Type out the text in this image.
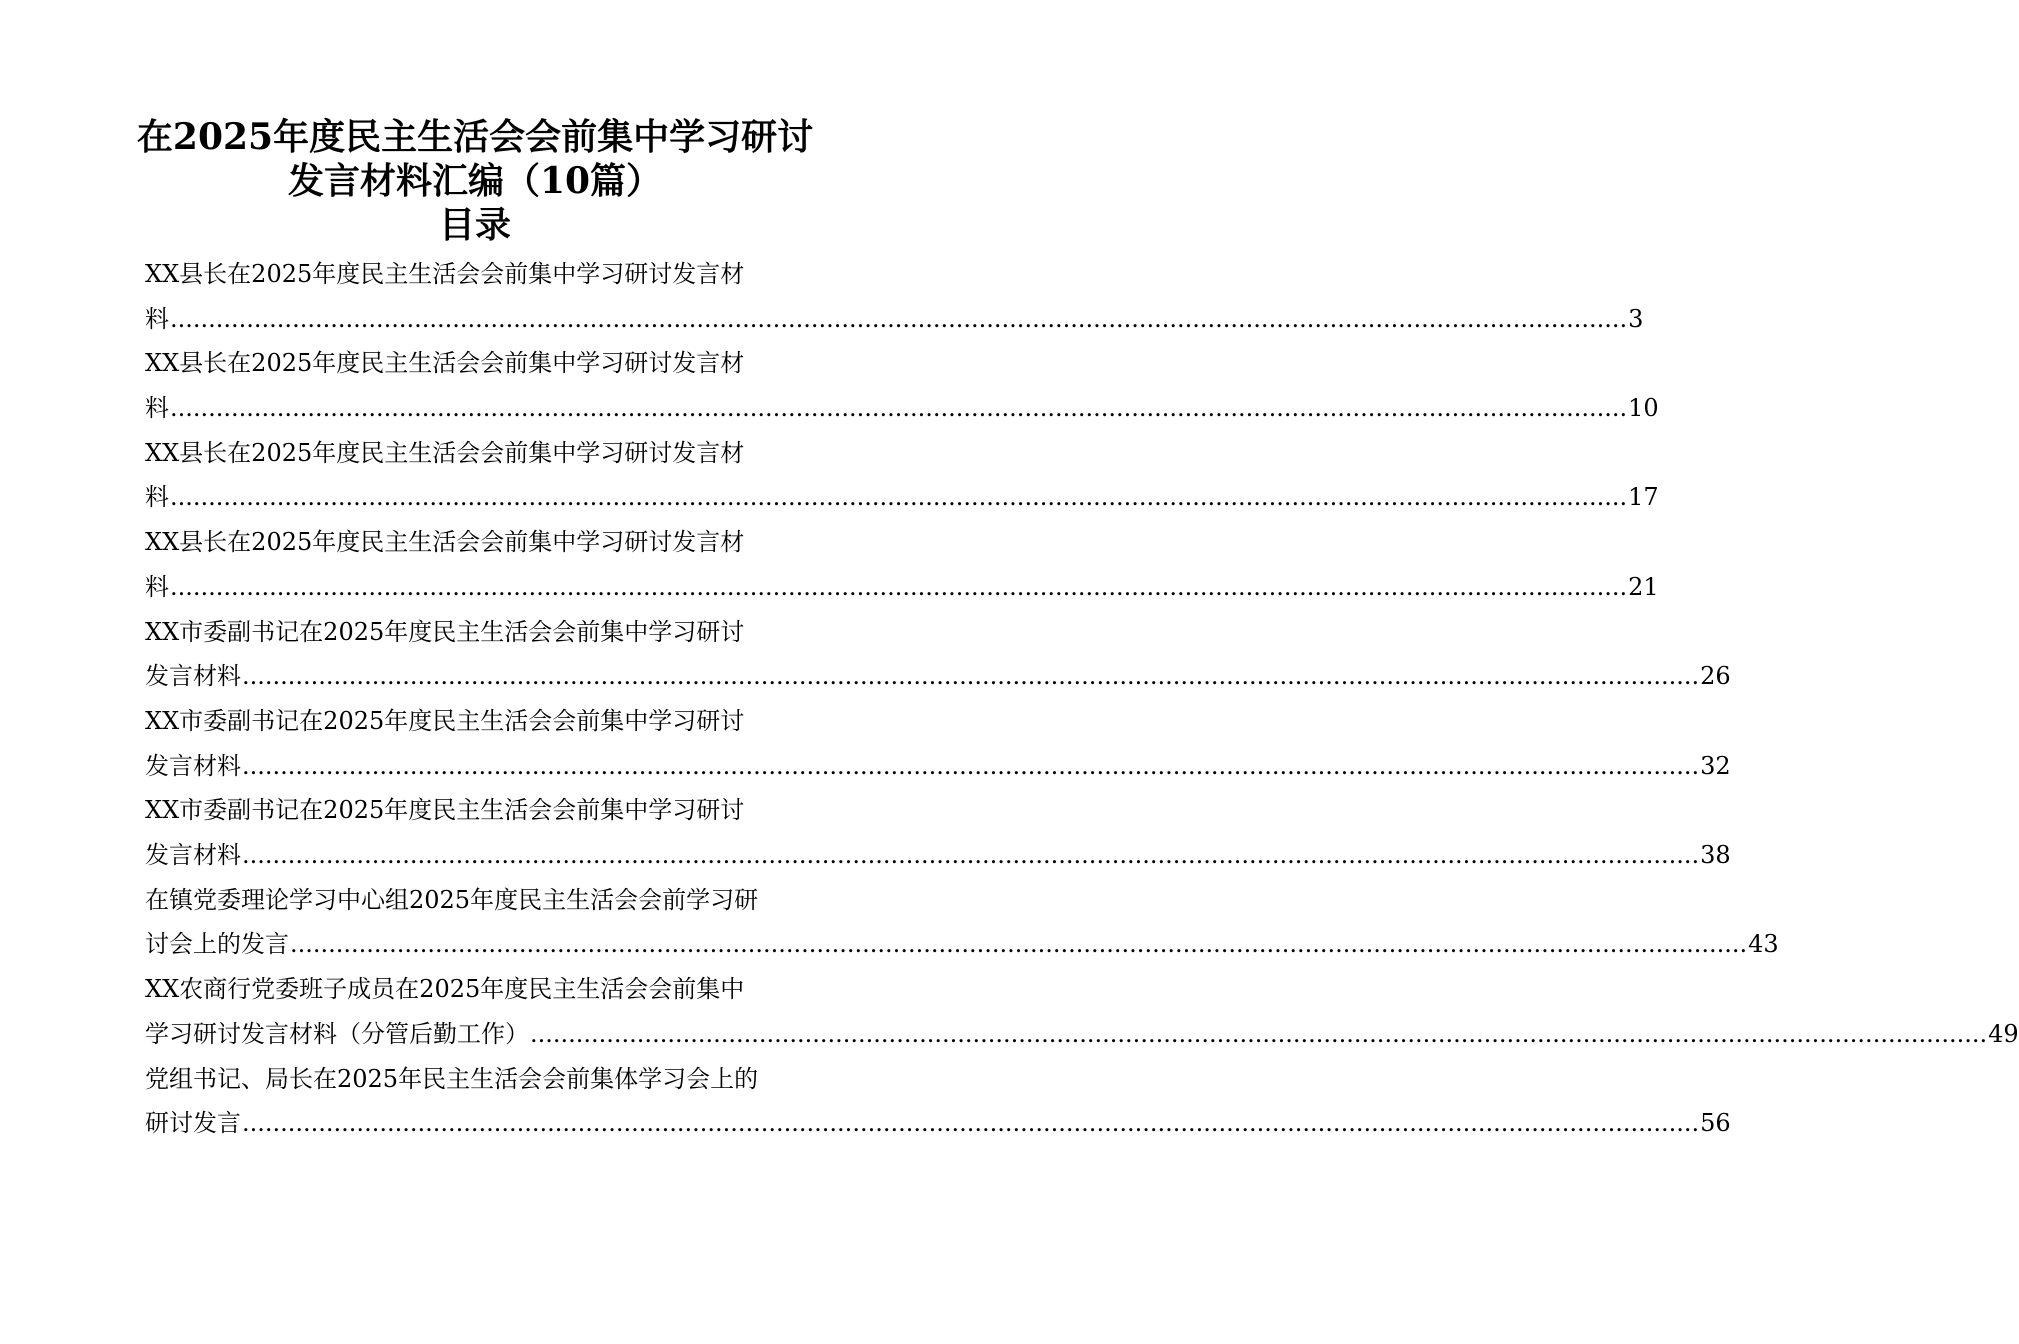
在2025年度民主生活会会前集中学习研讨
发言材料汇编（10篇）
目录
XX县长在2025年度民主生活会会前集中学习研讨发言材
料 ............................................................................................................................................................................................... 3
XX县长在2025年度民主生活会会前集中学习研讨发言材
料 ............................................................................................................................................................................................... 10
XX县长在2025年度民主生活会会前集中学习研讨发言材
料 ............................................................................................................................................................................................... 17
XX县长在2025年度民主生活会会前集中学习研讨发言材
料 ............................................................................................................................................................................................... 21
XX市委副书记在2025年度民主生活会会前集中学习研讨
发言材料 ............................................................................................................................................................................................... 26
XX市委副书记在2025年度民主生活会会前集中学习研讨
发言材料 ............................................................................................................................................................................................... 32
XX市委副书记在2025年度民主生活会会前集中学习研讨
发言材料 ............................................................................................................................................................................................... 38
在镇党委理论学习中心组2025年度民主生活会会前学习研
讨会上的发言 ............................................................................................................................................................................................... 43
XX农商行党委班子成员在2025年度民主生活会会前集中
学习研讨发言材料（分管后勤工作） ............................................................................................................................................................................................... 49
党组书记、局长在2025年民主生活会会前集体学习会上的
研讨发言 ............................................................................................................................................................................................... 56
